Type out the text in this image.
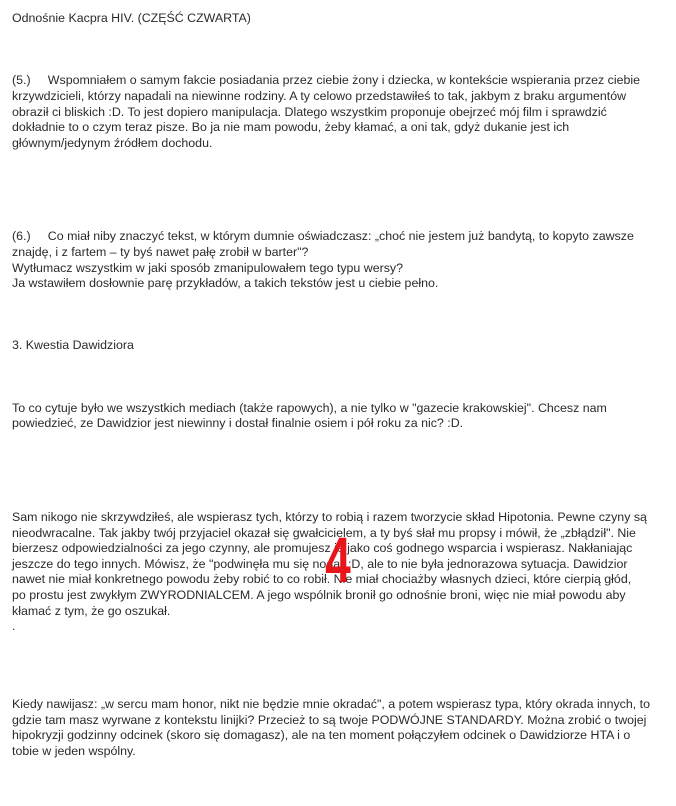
Odnośnie Kacpra HIV. (CZĘŚĆ CZWARTA)

(5.)     Wspomniałem o samym fakcie posiadania przez ciebie żony i dziecka, w kontekście wspierania przez ciebie
krzywdzicieli, którzy napadali na niewinne rodziny. A ty celowo przedstawiłeś to tak, jakbym z braku argumentów
obraził ci bliskich :D. To jest dopiero manipulacja. Dlatego wszystkim proponuje obejrzeć mój film i sprawdzić
dokładnie to o czym teraz pisze. Bo ja nie mam powodu, żeby kłamać, a oni tak, gdyż dukanie jest ich
głównym/jedynym źródłem dochodu.

(6.)     Co miał niby znaczyć tekst, w którym dumnie oświadczasz: „choć nie jestem już bandytą, to kopyto zawsze
znajdę, i z fartem – ty byś nawet pałę zrobił w barter"?
Wytłumacz wszystkim w jaki sposób zmanipulowałem tego typu wersy?
Ja wstawiłem dosłownie parę przykładów, a takich tekstów jest u ciebie pełno.

3. Kwestia Dawidziora

To co cytuje było we wszystkich mediach (także rapowych), a nie tylko w "gazecie krakowskiej". Chcesz nam
powiedzieć, ze Dawidzior jest niewinny i dostał finalnie osiem i pół roku za nic? :D.

Sam nikogo nie skrzywdziłeś, ale wspierasz tych, którzy to robią i razem tworzycie skład Hipotonia. Pewne czyny są
nieodwracalne. Tak jakby twój przyjaciel okazał się gwałcicielem, a ty byś słał mu propsy i mówił, że „zbłądził". Nie
bierzesz odpowiedzialności za jego czynny, ale promujesz je jako coś godnego wsparcia i wspierasz. Nakłaniając
jeszcze do tego innych. Mówisz, że "podwinęła mu się noga" :D, ale to nie była jednorazowa sytuacja. Dawidzior
nawet nie miał konkretnego powodu żeby robić to co robił. Nie miał chociażby własnych dzieci, które cierpią głód,
po prostu jest zwykłym ZWYRODNIALCEM. A jego wspólnik bronił go odnośnie broni, więc nie miał powodu aby
kłamać z tym, że go oszukał.
.

Kiedy nawijasz: „w sercu mam honor, nikt nie będzie mnie okradać", a potem wspierasz typa, który okrada innych, to
gdzie tam masz wyrwane z kontekstu linijki? Przecież to są twoje PODWÓJNE STANDARDY. Można zrobić o twojej
hipokryzji godzinny odcinek (skoro się domagasz), ale na ten moment połączyłem odcinek o Dawidziorze HTA i o
tobie w jeden wspólny.

4
